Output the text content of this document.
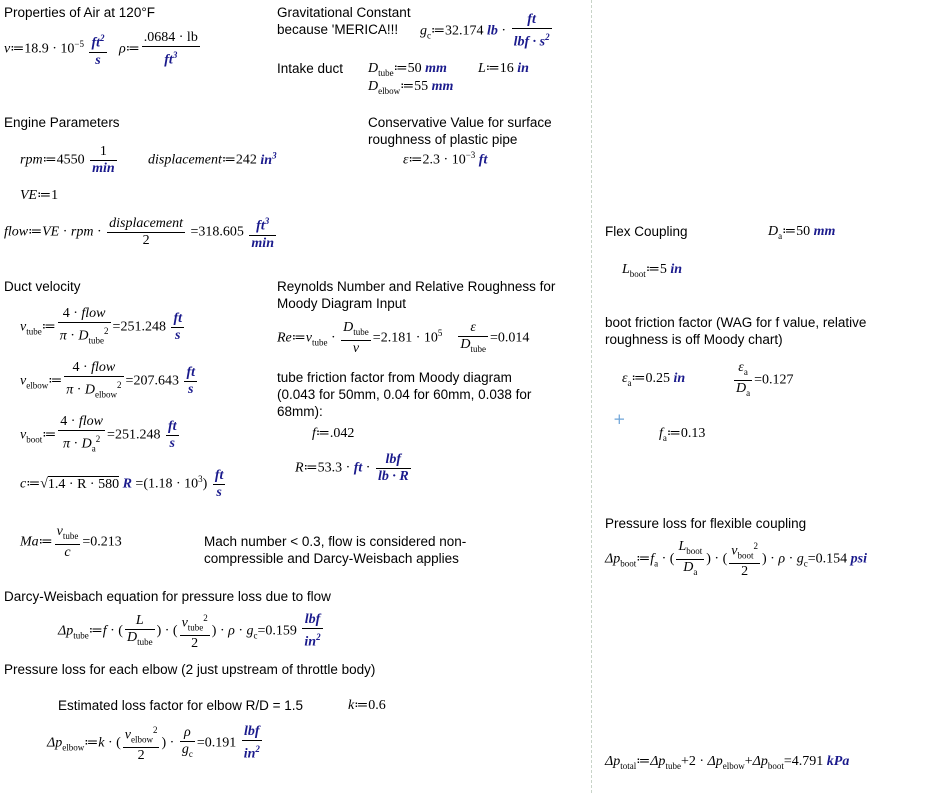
Properties of Air at 120°F
ν≔18.9 · $10^{-5} \frac{ft^2}{s}$ ρ≔ $\frac{.0684 \cdot lb}{ft^3}$
Gravitational Constant
because 'MERICA!!! $g_c≔32.174$ lb · $\frac{ft}{lbf \cdot s^2}$
Intake duct $D_{tube}≔50$ mm L≔16 in
$D_{elbow}≔55$ mm
Engine Parameters
rpm≔4550 $\frac{1}{\min}$ displacement≔242 $in^3$
VE≔1
flow≔VE · rpm · $\frac{\text{displacement}}{2} =318.605 \frac{ft^3}{\min}$
Conservative Value for surface
roughness of plastic pipe
ε≔2.3 · $10^{-3}$ ft
Duct velocity
$v_{tube}≔ \frac{\text{4 · flow}}{\pi \cdot D_{tube}^2} =251.248 \frac{ft}{s}$
$v_{elbow}≔ \frac{\text{4 · flow}}{\pi \cdot D_{elbow}^2} =207.643 \frac{ft}{s}$
$v_{boot}≔ \frac{\text{4 · flow}}{\pi \cdot D_a^2} =251.248 \frac{ft}{s}$
c≔√1.4 · R · 580 $R =(1.18 \cdot 10^3) \frac{ft}{s}$
Reynolds Number and Relative Roughness for
Moody Diagram Input
$Re≔v_{tube} \cdot \frac{D_{tube}}{\nu} =2.181 \cdot 10^5 \frac{\varepsilon}{D_{tube}} =0.014$
tube friction factor from Moody diagram
(0.043 for 50mm, 0.04 for 60mm, 0.038 for
68mm):
f≔.042
R≔53.3 · ft · $\frac{\text{lbf}}{lb \cdot R}$
Ma≔ $\frac{v_{tube}}{c} =0.213$	Mach number < 0.3, flow is considered non-
compressible and Darcy-Weisbach applies
Darcy-Weisbach equation for pressure loss due to flow
$\Delta p_{tube}≔f$ · ( $\frac{L}{D_{tube}}$ ) · ( $\frac{v_{tube}^2}{2}$ ) · $\rho \cdot g_c=0.159 \frac{\text{lbf}}{in^2}$
Pressure loss for each elbow (2 just upstream of throttle body)
Estimated loss factor for elbow R/D = 1.5	k≔0.6
$\Delta p_{elbow}≔k$ · ( $\frac{v_{elbow}^2}{2}$ ) · $\frac{\rho}{g_c} =0.191 \frac{\text{lbf}}{in^2}$
Flex Coupling	$D_a≔50$ mm
$L_{boot}≔5$ in
boot friction factor (WAG for f value, relative
roughness is off Moody chart)
$\varepsilon_a≔0.25$ in	$\frac{\varepsilon_a}{D_a} =0.127$
+
$f_a≔0.13$
Pressure loss for flexible coupling
$\Delta p_{boot}≔f_a$ · ( $\frac{L_{boot}}{D_a}$ ) · ( $\frac{v_{boot}^2}{2}$ ) · $\rho \cdot g_c=0.154$ psi
$\Delta p_{total}≔\Delta p_{tube}+2 \cdot \Delta p_{elbow}+\Delta p_{boot}=4.791$ kPa
